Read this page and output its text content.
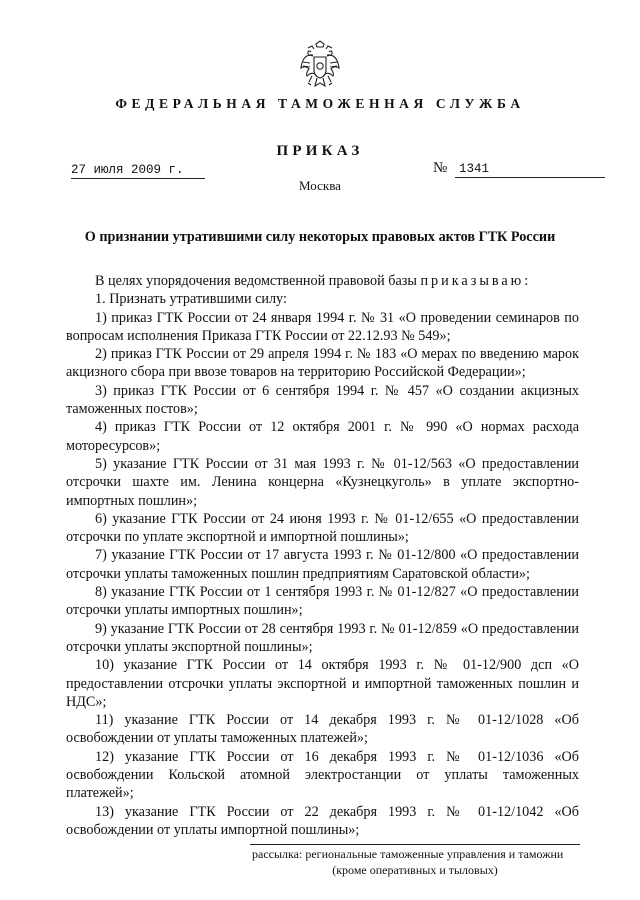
ФЕДЕРАЛЬНАЯ ТАМОЖЕННАЯ СЛУЖБА
ПРИКАЗ
27 июля 2009 г.	№ 1341
Москва
О признании утратившими силу некоторых правовых актов ГТК России

В целях упорядочения ведомственной правовой базы приказываю:

1. Признать утратившими силу:

1) приказ ГТК России от 24 января 1994 г. № 31 «О проведении семинаров по вопросам исполнения Приказа ГТК России от 22.12.93 № 549»;

2) приказ ГТК России от 29 апреля 1994 г. № 183 «О мерах по введению марок акцизного сбора при ввозе товаров на территорию Российской Федерации»;

3) приказ ГТК России от 6 сентября 1994 г. № 457 «О создании акцизных таможенных постов»;

4) приказ ГТК России от 12 октября 2001 г. № 990 «О нормах расхода моторесурсов»;

5) указание ГТК России от 31 мая 1993 г. № 01-12/563 «О предоставлении отсрочки шахте им. Ленина концерна «Кузнецкуголь» в уплате экспортно-импортных пошлин»;

6) указание ГТК России от 24 июня 1993 г. № 01-12/655 «О предоставлении отсрочки по уплате экспортной и импортной пошлины»;

7) указание ГТК России от 17 августа 1993 г. № 01-12/800 «О предоставлении отсрочки уплаты таможенных пошлин предприятиям Саратовской области»;

8) указание ГТК России от 1 сентября 1993 г. № 01-12/827 «О предоставлении отсрочки уплаты импортных пошлин»;

9) указание ГТК России от 28 сентября 1993 г. № 01-12/859 «О предоставлении отсрочки уплаты экспортной пошлины»;

10) указание ГТК России от 14 октября 1993 г. № 01-12/900 дсп «О предоставлении отсрочки уплаты экспортной и импортной таможенных пошлин и НДС»;

11) указание ГТК России от 14 декабря 1993 г. № 01-12/1028 «Об освобождении от уплаты таможенных платежей»;

12) указание ГТК России от 16 декабря 1993 г. № 01-12/1036 «Об освобождении Кольской атомной электростанции от уплаты таможенных платежей»;

13) указание ГТК России от 22 декабря 1993 г. № 01-12/1042 «Об освобождении от уплаты импортной пошлины»;

рассылка: региональные таможенные управления и таможни
(кроме оперативных и тыловых)
